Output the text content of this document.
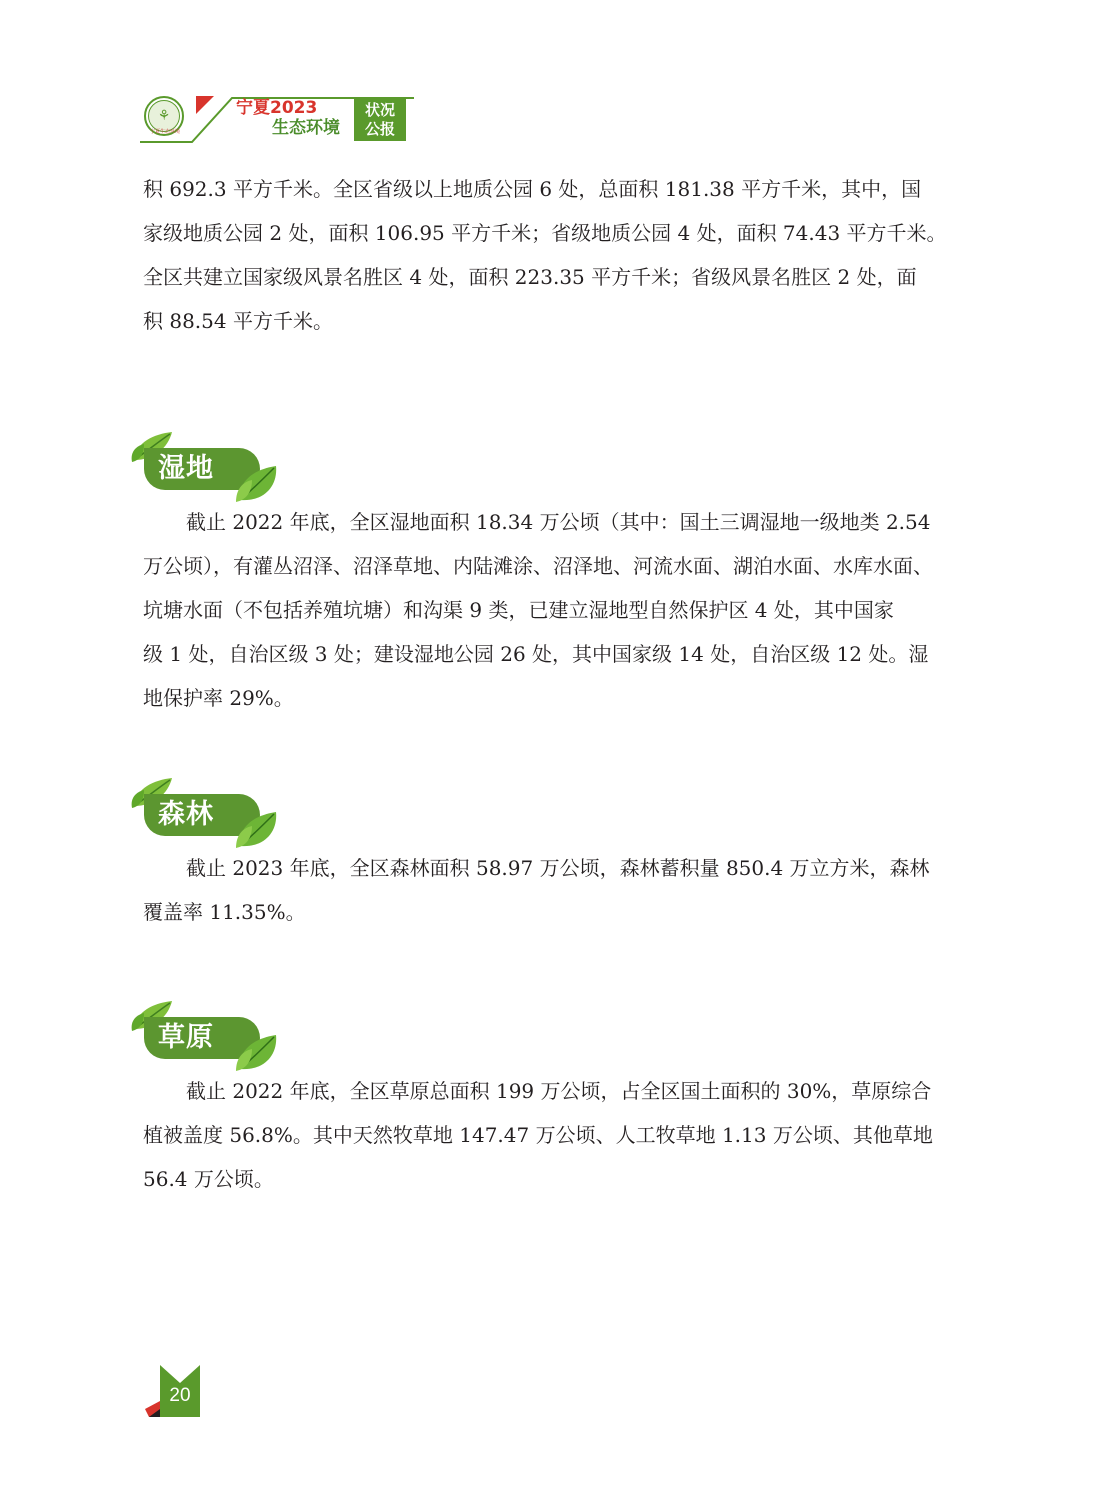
⚘
宁夏生态环境
宁夏2023
生态环境
状况
公报

积 692.3 平方千米。全区省级以上地质公园 6 处，总面积 181.38 平方千米，其中，国
家级地质公园 2 处，面积 106.95 平方千米；省级地质公园 4 处，面积 74.43 平方千米。
全区共建立国家级风景名胜区 4 处，面积 223.35 平方千米；省级风景名胜区 2 处，面
积 88.54 平方千米。

湿地

截止 2022 年底，全区湿地面积 18.34 万公顷（其中：国土三调湿地一级地类 2.54
万公顷），有灌丛沼泽、沼泽草地、内陆滩涂、沼泽地、河流水面、湖泊水面、水库水面、
坑塘水面（不包括养殖坑塘）和沟渠 9 类，已建立湿地型自然保护区 4 处，其中国家
级 1 处，自治区级 3 处；建设湿地公园 26 处，其中国家级 14 处，自治区级 12 处。湿
地保护率 29%。

森林

截止 2023 年底，全区森林面积 58.97 万公顷，森林蓄积量 850.4 万立方米，森林
覆盖率 11.35%。

草原

截止 2022 年底，全区草原总面积 199 万公顷，占全区国土面积的 30%，草原综合
植被盖度 56.8%。其中天然牧草地 147.47 万公顷、人工牧草地 1.13 万公顷、其他草地
56.4 万公顷。

20
